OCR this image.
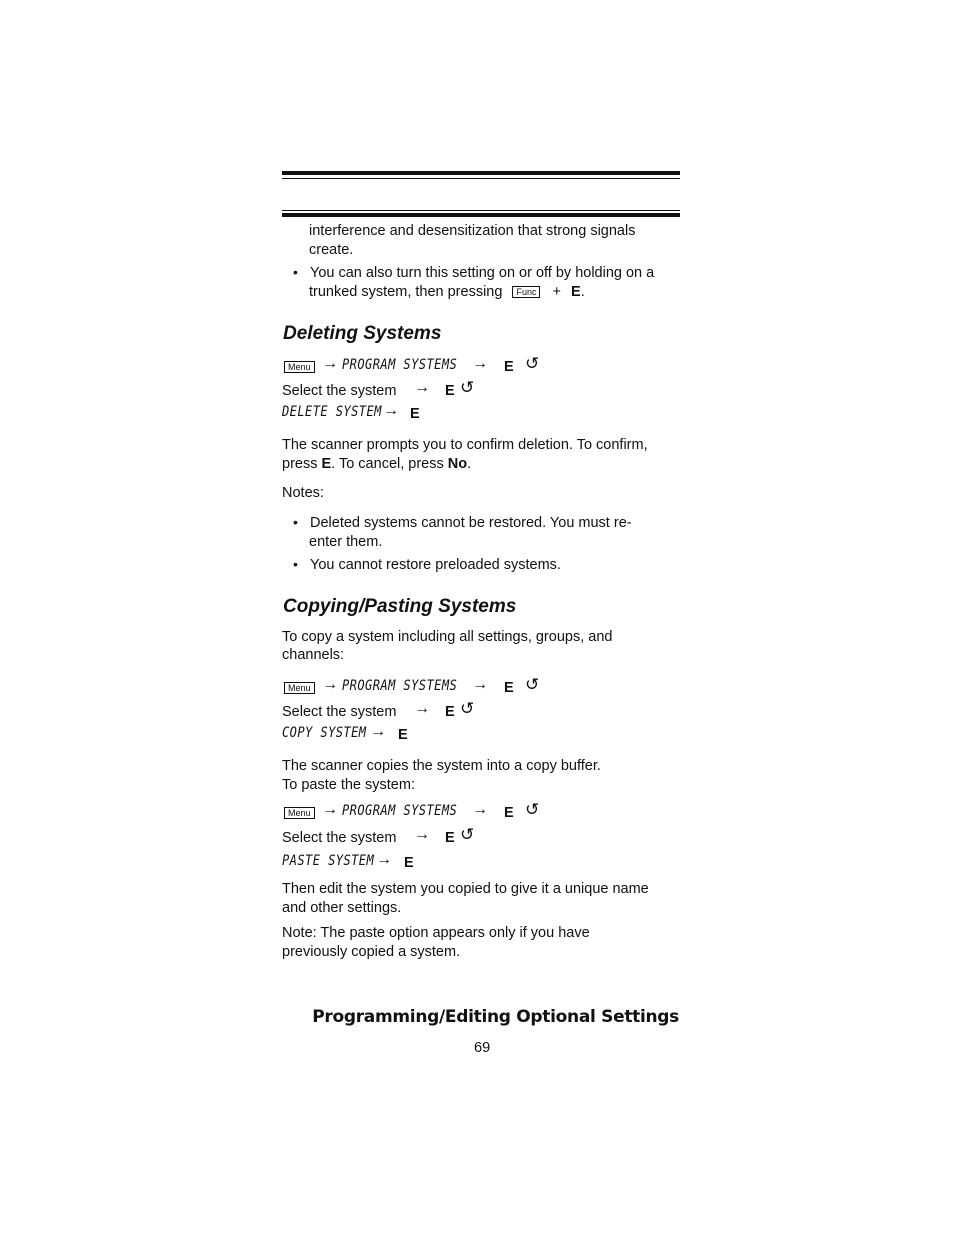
interference and desensitization that strong signals
create.
• You can also turn this setting on or off by holding on a
trunked system, then pressing Func + E.
Deleting Systems
Menu → PROGRAM SYSTEMS → E ↺
Select the system → E ↺
DELETE SYSTEM → E
The scanner prompts you to confirm deletion. To confirm,
press E. To cancel, press No.
Notes:
• Deleted systems cannot be restored. You must re-
enter them.
• You cannot restore preloaded systems.
Copying/Pasting Systems
To copy a system including all settings, groups, and
channels:
Menu → PROGRAM SYSTEMS → E ↺
Select the system → E ↺
COPY SYSTEM → E
The scanner copies the system into a copy buffer.
To paste the system:
Menu → PROGRAM SYSTEMS → E ↺
Select the system → E ↺
PASTE SYSTEM → E
Then edit the system you copied to give it a unique name
and other settings.
Note: The paste option appears only if you have
previously copied a system.
Programming/Editing Optional Settings
69
